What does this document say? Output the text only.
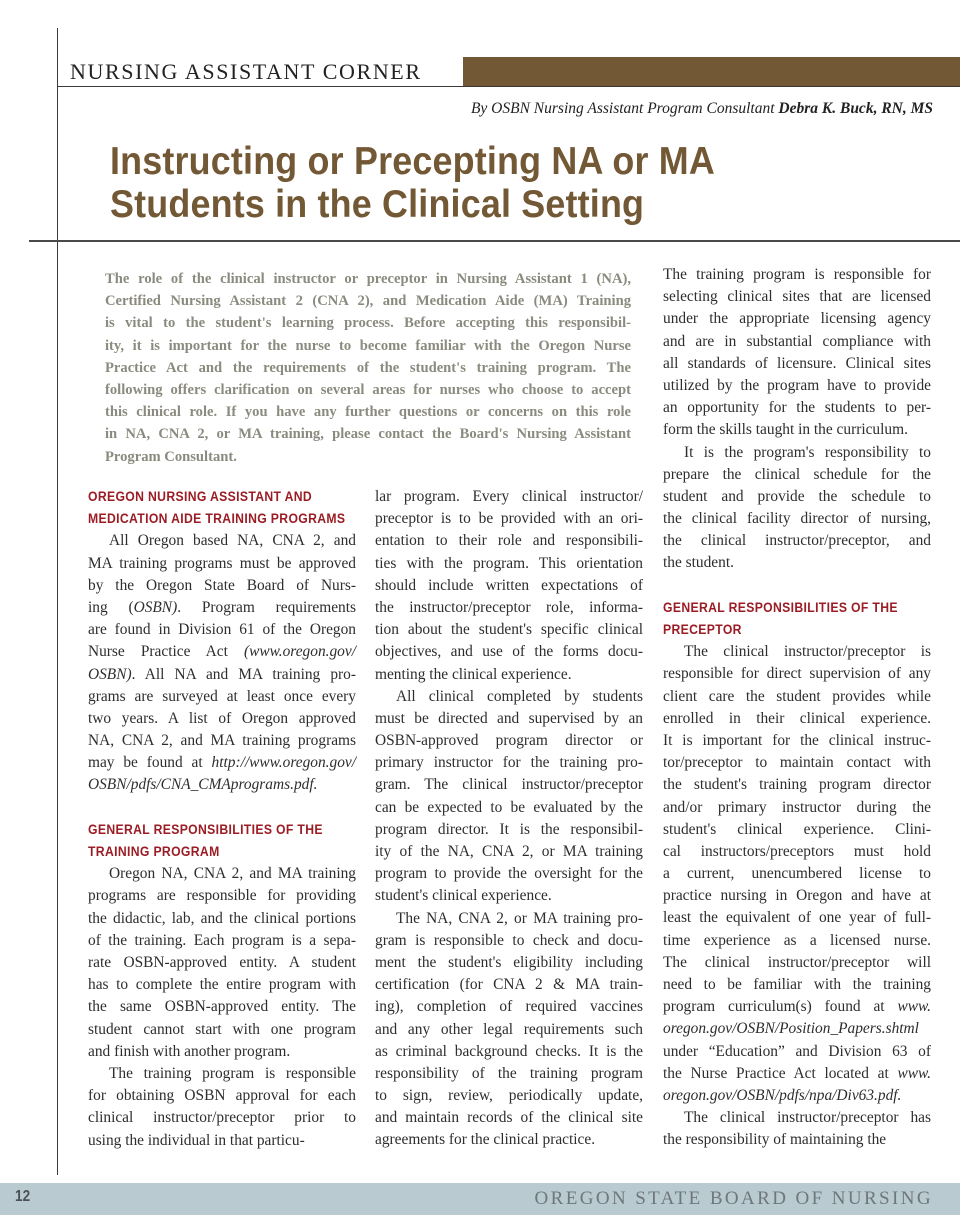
NURSING ASSISTANT CORNER
By OSBN Nursing Assistant Program Consultant Debra K. Buck, RN, MS
Instructing or Precepting NA or MA
Students in the Clinical Setting
The role of the clinical instructor or preceptor in Nursing Assistant 1 (NA),
Certified Nursing Assistant 2 (CNA 2), and Medication Aide (MA) Training
is vital to the student's learning process. Before accepting this responsibil-
ity, it is important for the nurse to become familiar with the Oregon Nurse
Practice Act and the requirements of the student's training program. The
following offers clarification on several areas for nurses who choose to accept
this clinical role. If you have any further questions or concerns on this role
in NA, CNA 2, or MA training, please contact the Board's Nursing Assistant
Program Consultant.
OREGON NURSING ASSISTANT AND
MEDICATION AIDE TRAINING PROGRAMS
All Oregon based NA, CNA 2, and
MA training programs must be approved
by the Oregon State Board of Nurs-
ing (OSBN). Program requirements
are found in Division 61 of the Oregon
Nurse Practice Act (www.oregon.gov/
OSBN). All NA and MA training pro-
grams are surveyed at least once every
two years. A list of Oregon approved
NA, CNA 2, and MA training programs
may be found at http://www.oregon.gov/
OSBN/pdfs/CNA_CMAprograms.pdf.
GENERAL RESPONSIBILITIES OF THE
TRAINING PROGRAM
Oregon NA, CNA 2, and MA training
programs are responsible for providing
the didactic, lab, and the clinical portions
of the training. Each program is a sepa-
rate OSBN-approved entity. A student
has to complete the entire program with
the same OSBN-approved entity. The
student cannot start with one program
and finish with another program.
The training program is responsible
for obtaining OSBN approval for each
clinical instructor/preceptor prior to
using the individual in that particu-
lar program. Every clinical instructor/
preceptor is to be provided with an ori-
entation to their role and responsibili-
ties with the program. This orientation
should include written expectations of
the instructor/preceptor role, informa-
tion about the student's specific clinical
objectives, and use of the forms docu-
menting the clinical experience.
All clinical completed by students
must be directed and supervised by an
OSBN-approved program director or
primary instructor for the training pro-
gram. The clinical instructor/preceptor
can be expected to be evaluated by the
program director. It is the responsibil-
ity of the NA, CNA 2, or MA training
program to provide the oversight for the
student's clinical experience.
The NA, CNA 2, or MA training pro-
gram is responsible to check and docu-
ment the student's eligibility including
certification (for CNA 2 & MA train-
ing), completion of required vaccines
and any other legal requirements such
as criminal background checks. It is the
responsibility of the training program
to sign, review, periodically update,
and maintain records of the clinical site
agreements for the clinical practice.
The training program is responsible for
selecting clinical sites that are licensed
under the appropriate licensing agency
and are in substantial compliance with
all standards of licensure. Clinical sites
utilized by the program have to provide
an opportunity for the students to per-
form the skills taught in the curriculum.
It is the program's responsibility to
prepare the clinical schedule for the
student and provide the schedule to
the clinical facility director of nursing,
the clinical instructor/preceptor, and
the student.
GENERAL RESPONSIBILITIES OF THE
PRECEPTOR
The clinical instructor/preceptor is
responsible for direct supervision of any
client care the student provides while
enrolled in their clinical experience.
It is important for the clinical instruc-
tor/preceptor to maintain contact with
the student's training program director
and/or primary instructor during the
student's clinical experience. Clini-
cal instructors/preceptors must hold
a current, unencumbered license to
practice nursing in Oregon and have at
least the equivalent of one year of full-
time experience as a licensed nurse.
The clinical instructor/preceptor will
need to be familiar with the training
program curriculum(s) found at www.
oregon.gov/OSBN/Position_Papers.shtml
under “Education” and Division 63 of
the Nurse Practice Act located at www.
oregon.gov/OSBN/pdfs/npa/Div63.pdf.
The clinical instructor/preceptor has
the responsibility of maintaining the
12	OREGON STATE BOARD OF NURSING
